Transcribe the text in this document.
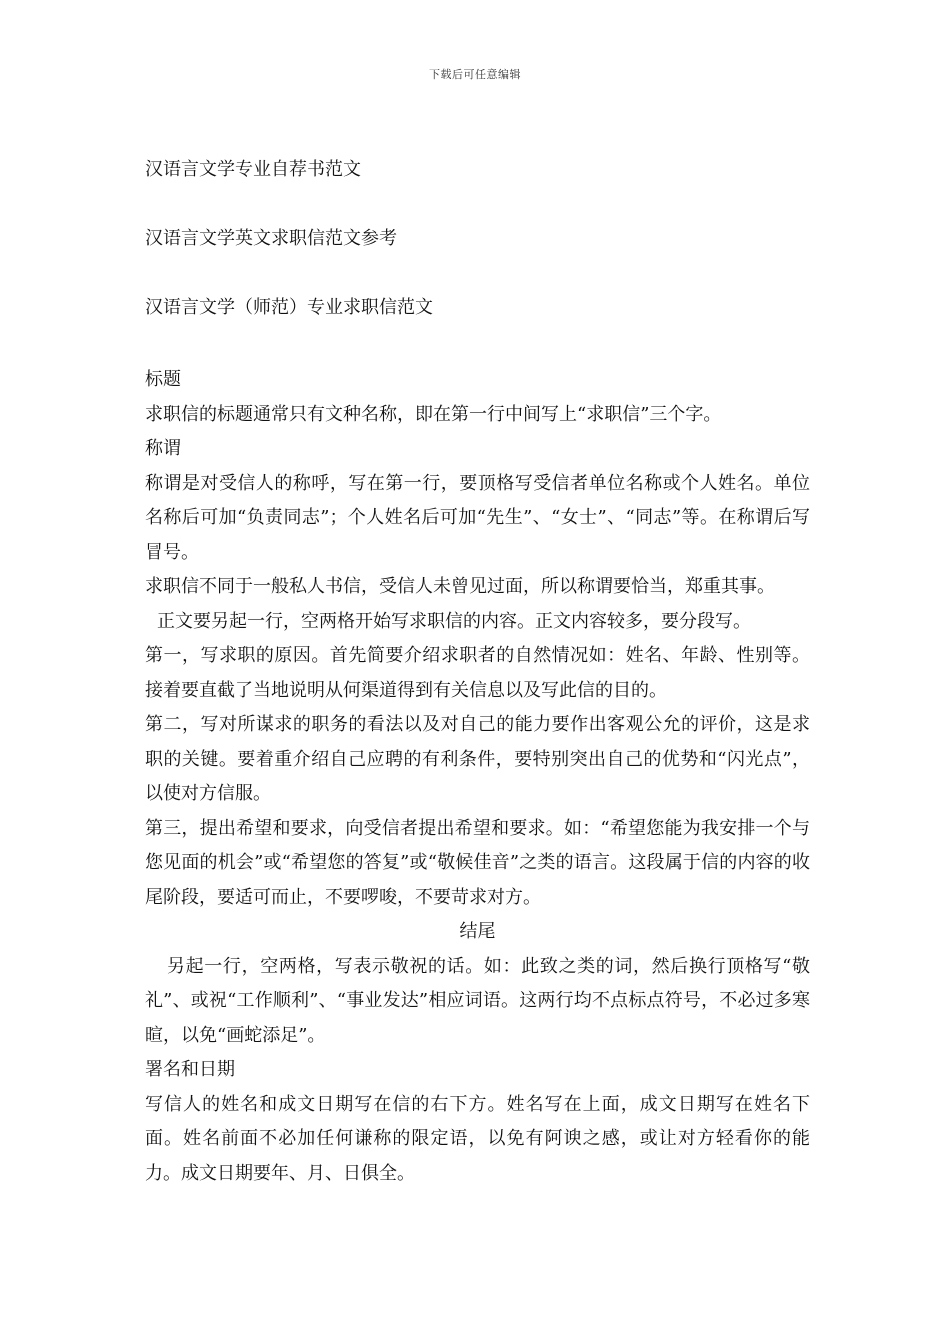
下载后可任意编辑
汉语言文学专业自荐书范文
汉语言文学英文求职信范文参考
汉语言文学（师范）专业求职信范文

标题

求职信的标题通常只有文种名称，即在第一行中间写上“求职信”三个字。

称谓

称谓是对受信人的称呼，写在第一行，要顶格写受信者单位名称或个人姓名。单位名称后可加“负责同志”；个人姓名后可加“先生”、“女士”、“同志”等。在称谓后写冒号。

求职信不同于一般私人书信，受信人未曾见过面，所以称谓要恰当，郑重其事。

正文要另起一行，空两格开始写求职信的内容。正文内容较多，要分段写。

第一，写求职的原因。首先简要介绍求职者的自然情况如：姓名、年龄、性别等。接着要直截了当地说明从何渠道得到有关信息以及写此信的目的。

第二，写对所谋求的职务的看法以及对自己的能力要作出客观公允的评价，这是求职的关键。要着重介绍自己应聘的有利条件，要特别突出自己的优势和“闪光点”，以使对方信服。

第三，提出希望和要求，向受信者提出希望和要求。如：“希望您能为我安排一个与您见面的机会”或“希望您的答复”或“敬候佳音”之类的语言。这段属于信的内容的收尾阶段，要适可而止，不要啰唆，不要苛求对方。

结尾

另起一行，空两格，写表示敬祝的话。如：此致之类的词，然后换行顶格写“敬礼”、或祝“工作顺利”、“事业发达”相应词语。这两行均不点标点符号，不必过多寒暄，以免“画蛇添足”。

署名和日期

写信人的姓名和成文日期写在信的右下方。姓名写在上面，成文日期写在姓名下面。姓名前面不必加任何谦称的限定语，以免有阿谀之感，或让对方轻看你的能力。成文日期要年、月、日俱全。
